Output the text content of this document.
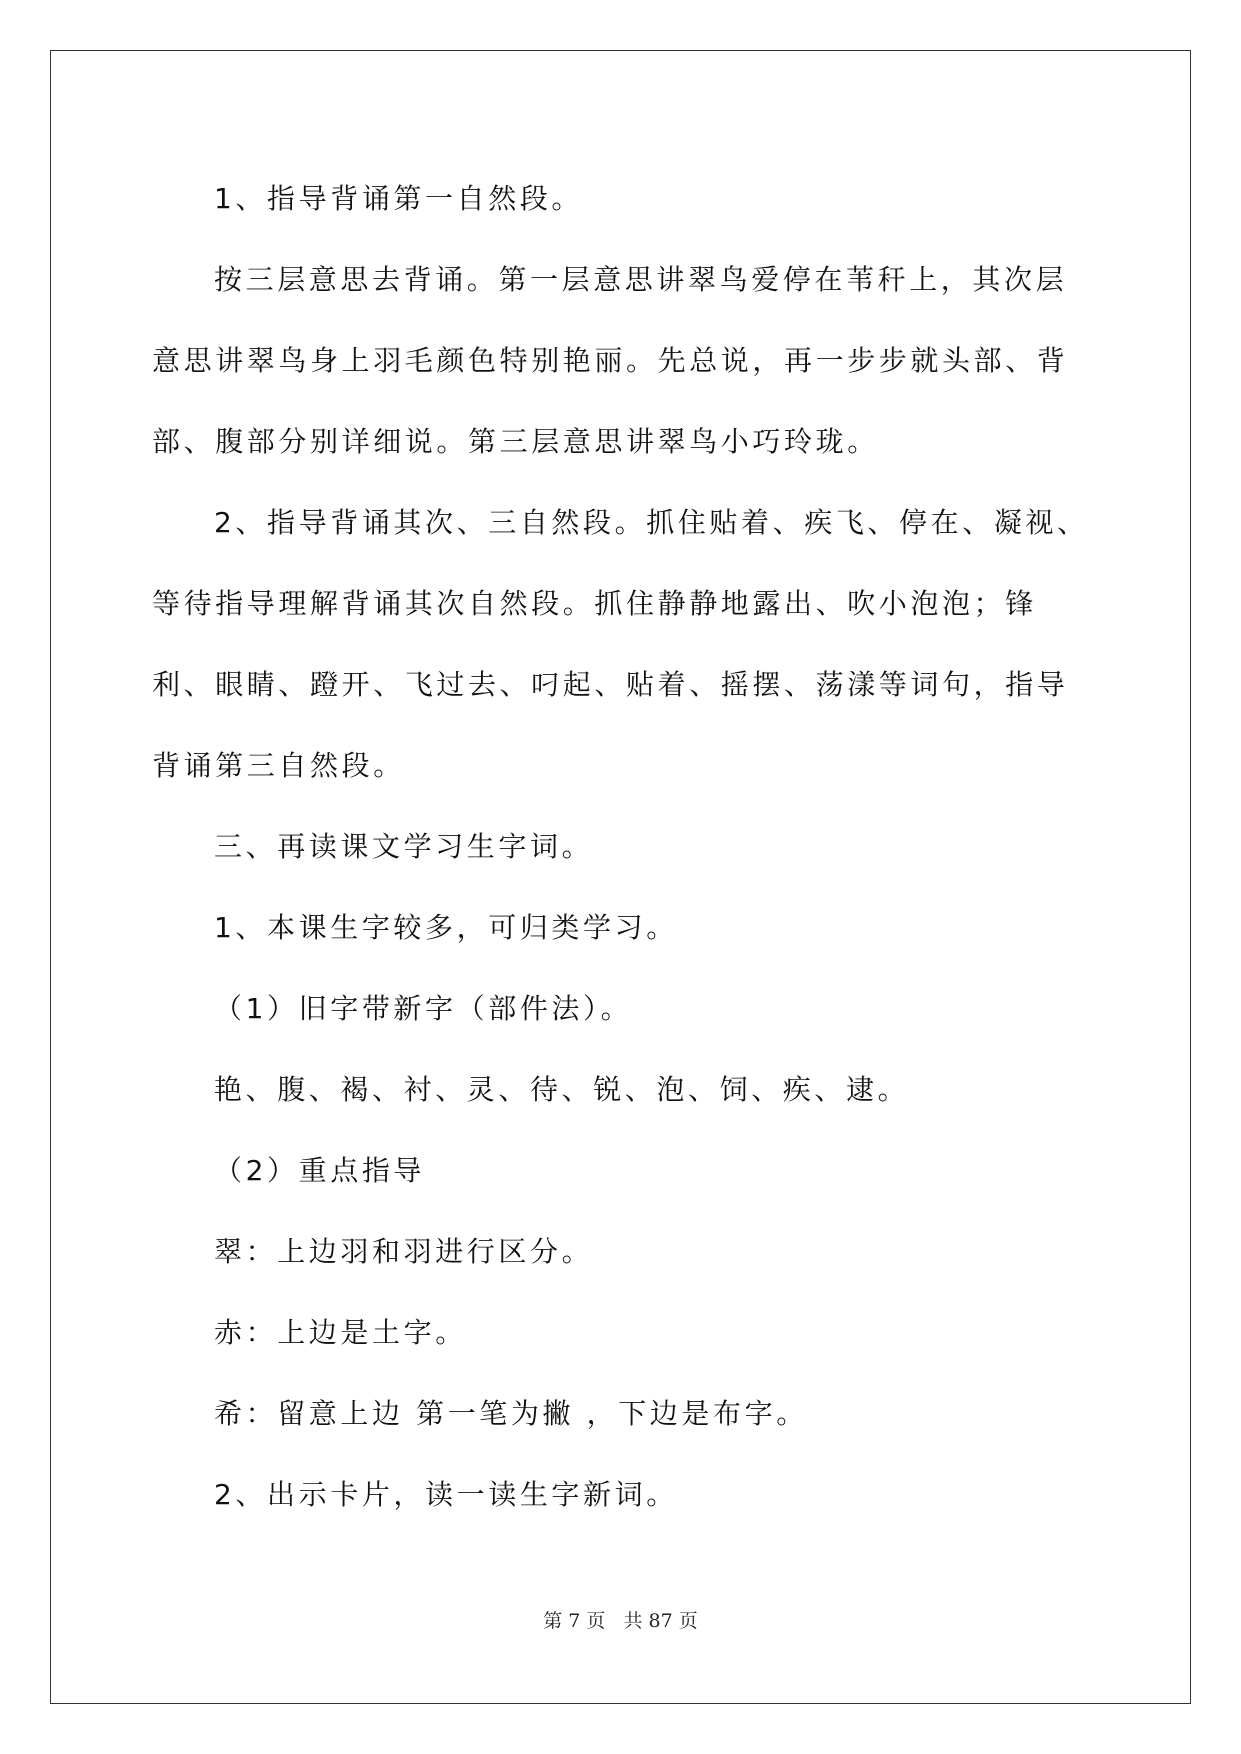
1、指导背诵第一自然段。

按三层意思去背诵。第一层意思讲翠鸟爱停在苇秆上，其次层意思讲翠鸟身上羽毛颜色特别艳丽。先总说，再一步步就头部、背部、腹部分别详细说。第三层意思讲翠鸟小巧玲珑。

2、指导背诵其次、三自然段。抓住贴着、疾飞、停在、凝视、等待指导理解背诵其次自然段。抓住静静地露出、吹小泡泡；锋利、眼睛、蹬开、飞过去、叼起、贴着、摇摆、荡漾等词句，指导背诵第三自然段。

三、再读课文学习生字词。

1、本课生字较多，可归类学习。

（1）旧字带新字（部件法）。

艳、腹、褐、衬、灵、待、锐、泡、饲、疾、逮。

（2）重点指导

翠：上边羽和羽进行区分。

赤：上边是土字。

希：留意上边 第一笔为撇 ，下边是布字。

2、出示卡片，读一读生字新词。

第 7 页   共 87 页
